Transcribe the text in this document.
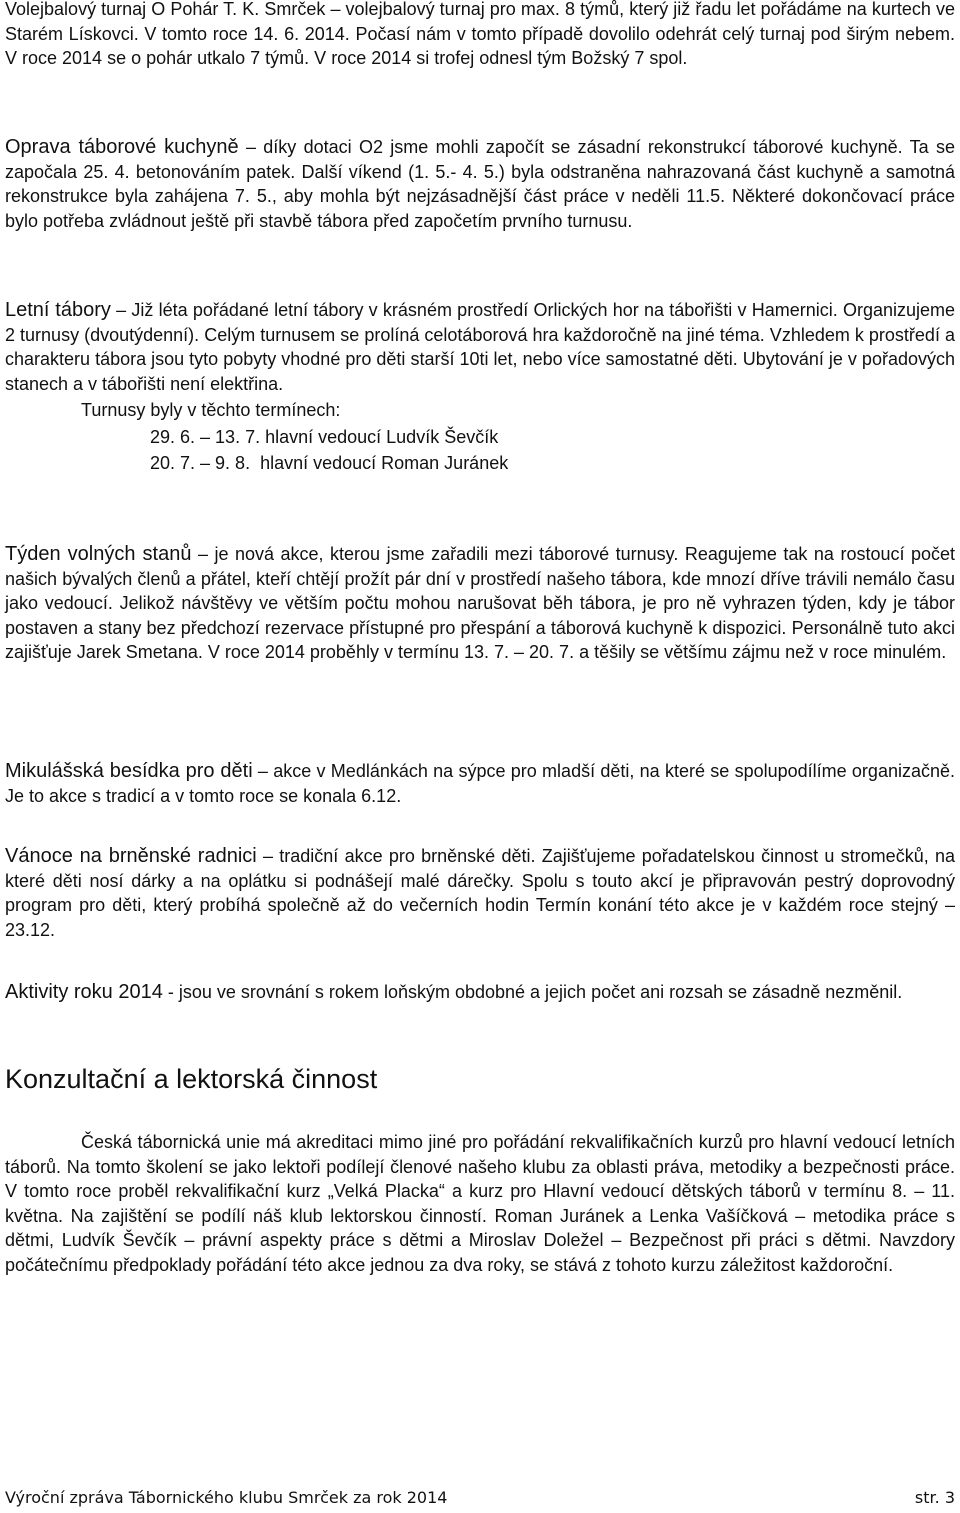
Volejbalový turnaj O Pohár T. K. Smrček – volejbalový turnaj pro max. 8 týmů, který již řadu let pořádáme na kurtech ve Starém Lískovci. V tomto roce 14. 6. 2014. Počasí nám v tomto případě dovolilo odehrát celý turnaj pod širým nebem. V roce 2014 se o pohár utkalo 7 týmů. V roce 2014 si trofej odnesl tým Božský 7 spol.

Oprava táborové kuchyně – díky dotaci O2 jsme mohli započít se zásadní rekonstrukcí táborové kuchyně. Ta se započala 25. 4. betonováním patek. Další víkend (1. 5.- 4. 5.) byla odstraněna nahrazovaná část kuchyně a samotná rekonstrukce byla zahájena 7. 5., aby mohla být nejzásadnější část práce v neděli 11.5. Některé dokončovací práce bylo potřeba zvládnout ještě při stavbě tábora před započetím prvního turnusu.

Letní tábory – Již léta pořádané letní tábory v krásném prostředí Orlických hor na tábořišti v Hamernici. Organizujeme 2 turnusy (dvoutýdenní). Celým turnusem se prolíná celotáborová hra každoročně na jiné téma. Vzhledem k prostředí a charakteru tábora jsou tyto pobyty vhodné pro děti starší 10ti let, nebo více samostatné děti. Ubytování je v pořadových stanech a v tábořišti není elektřina.

Turnusy byly v těchto termínech:
29. 6. – 13. 7. hlavní vedoucí Ludvík Ševčík
20. 7. – 9. 8.  hlavní vedoucí Roman Juránek

Týden volných stanů – je nová akce, kterou jsme zařadili mezi táborové turnusy. Reagujeme tak na rostoucí počet našich bývalých členů a přátel, kteří chtějí prožít pár dní v prostředí našeho tábora, kde mnozí dříve trávili nemálo času jako vedoucí. Jelikož návštěvy ve větším počtu mohou narušovat běh tábora, je pro ně vyhrazen týden, kdy je tábor postaven a stany bez předchozí rezervace přístupné pro přespání a táborová kuchyně k dispozici. Personálně tuto akci zajišťuje Jarek Smetana. V roce 2014 proběhly v termínu 13. 7. – 20. 7. a těšily se většímu zájmu než v roce minulém.

Mikulášská besídka pro děti – akce v Medlánkách na sýpce pro mladší děti, na které se spolupodílíme organizačně. Je to akce s tradicí a v tomto roce se konala 6.12.

Vánoce na brněnské radnici – tradiční akce pro brněnské děti. Zajišťujeme pořadatelskou činnost u stromečků, na které děti nosí dárky a na oplátku si podnášejí malé dárečky. Spolu s touto akcí je připravován pestrý doprovodný program pro děti, který probíhá společně až do večerních hodin Termín konání této akce je v každém roce stejný – 23.12.

Aktivity roku 2014 - jsou ve srovnání s rokem loňským obdobné a jejich počet ani rozsah se zásadně nezměnil.

Konzultační a lektorská činnost

Česká tábornická unie má akreditaci mimo jiné pro pořádání rekvalifikačních kurzů pro hlavní vedoucí letních táborů. Na tomto školení se jako lektoři podílejí členové našeho klubu za oblasti práva, metodiky a bezpečnosti práce. V tomto roce proběl rekvalifikační kurz „Velká Placka“ a kurz pro Hlavní vedoucí dětských táborů v termínu 8. – 11. května. Na zajištění se podílí náš klub lektorskou činností. Roman Juránek a Lenka Vašíčková – metodika práce s dětmi, Ludvík Ševčík – právní aspekty práce s dětmi a Miroslav Doležel – Bezpečnost při práci s dětmi. Navzdory počátečnímu předpoklady pořádání této akce jednou za dva roky, se stává z tohoto kurzu záležitost každoroční.

Výroční zpráva Tábornického klubu Smrček za rok 2014	str. 3
